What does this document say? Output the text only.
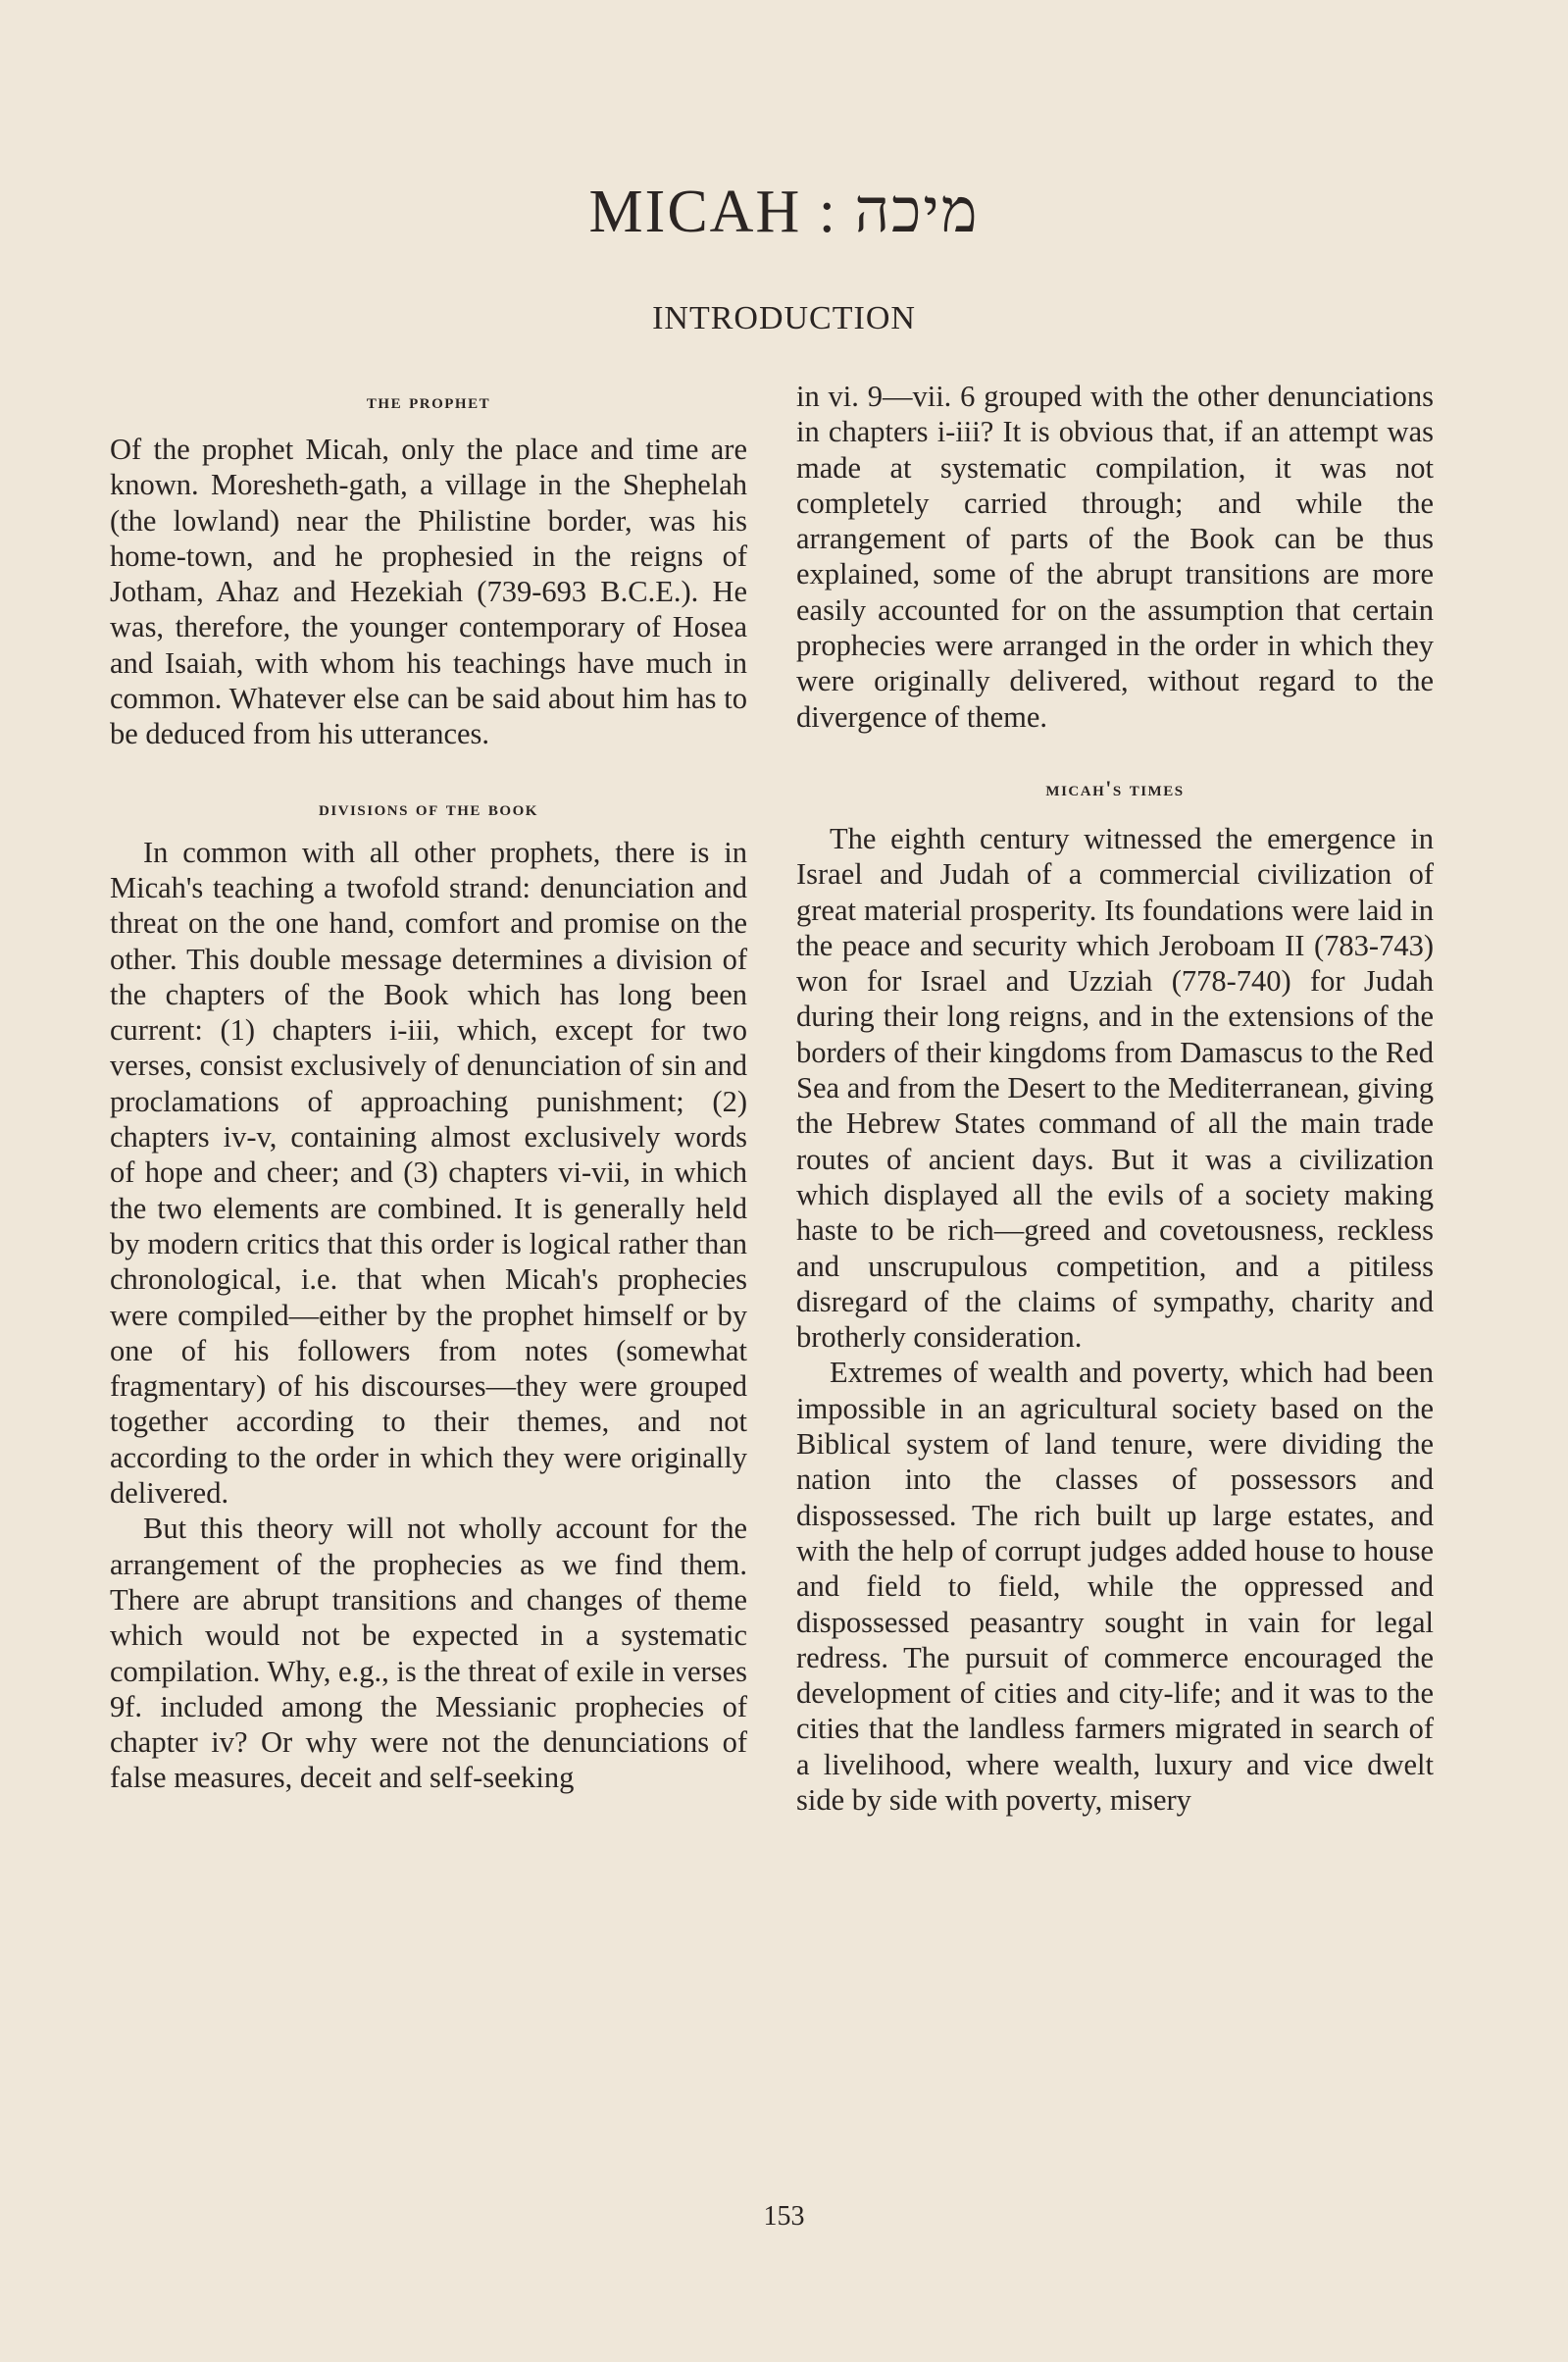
MICAH : מיכה
INTRODUCTION
the prophet

Of the prophet Micah, only the place and time are known. Moresheth-gath, a village in the Shephelah (the lowland) near the Philistine border, was his home-town, and he prophesied in the reigns of Jotham, Ahaz and Hezekiah (739-693 B.C.E.). He was, therefore, the younger contemporary of Hosea and Isaiah, with whom his teachings have much in common. Whatever else can be said about him has to be deduced from his utterances.

divisions of the book

In common with all other prophets, there is in Micah's teaching a twofold strand: denunciation and threat on the one hand, comfort and promise on the other. This double message determines a division of the chapters of the Book which has long been current: (1) chapters i-iii, which, except for two verses, consist exclusively of denunciation of sin and proclamations of approaching punishment; (2) chapters iv-v, containing almost exclusively words of hope and cheer; and (3) chapters vi-vii, in which the two elements are combined. It is generally held by modern critics that this order is logical rather than chronological, i.e. that when Micah's prophecies were compiled—either by the prophet himself or by one of his followers from notes (somewhat fragmentary) of his discourses—they were grouped together according to their themes, and not according to the order in which they were originally delivered.

But this theory will not wholly account for the arrangement of the prophecies as we find them. There are abrupt transitions and changes of theme which would not be expected in a systematic compilation. Why, e.g., is the threat of exile in verses 9f. included among the Messianic prophecies of chapter iv? Or why were not the denunciations of false measures, deceit and self-seeking

in vi. 9—vii. 6 grouped with the other denunciations in chapters i-iii? It is obvious that, if an attempt was made at systematic compilation, it was not completely carried through; and while the arrangement of parts of the Book can be thus explained, some of the abrupt transitions are more easily accounted for on the assumption that certain prophecies were arranged in the order in which they were originally delivered, without regard to the divergence of theme.

micah's times

The eighth century witnessed the emergence in Israel and Judah of a commercial civilization of great material prosperity. Its foundations were laid in the peace and security which Jeroboam II (783-743) won for Israel and Uzziah (778-740) for Judah during their long reigns, and in the extensions of the borders of their kingdoms from Damascus to the Red Sea and from the Desert to the Mediterranean, giving the Hebrew States command of all the main trade routes of ancient days. But it was a civilization which displayed all the evils of a society making haste to be rich—greed and covetousness, reckless and unscrupulous competition, and a pitiless disregard of the claims of sympathy, charity and brotherly consideration.

Extremes of wealth and poverty, which had been impossible in an agricultural society based on the Biblical system of land tenure, were dividing the nation into the classes of possessors and dispossessed. The rich built up large estates, and with the help of corrupt judges added house to house and field to field, while the oppressed and dispossessed peasantry sought in vain for legal redress. The pursuit of commerce encouraged the development of cities and city-life; and it was to the cities that the landless farmers migrated in search of a livelihood, where wealth, luxury and vice dwelt side by side with poverty, misery

153
